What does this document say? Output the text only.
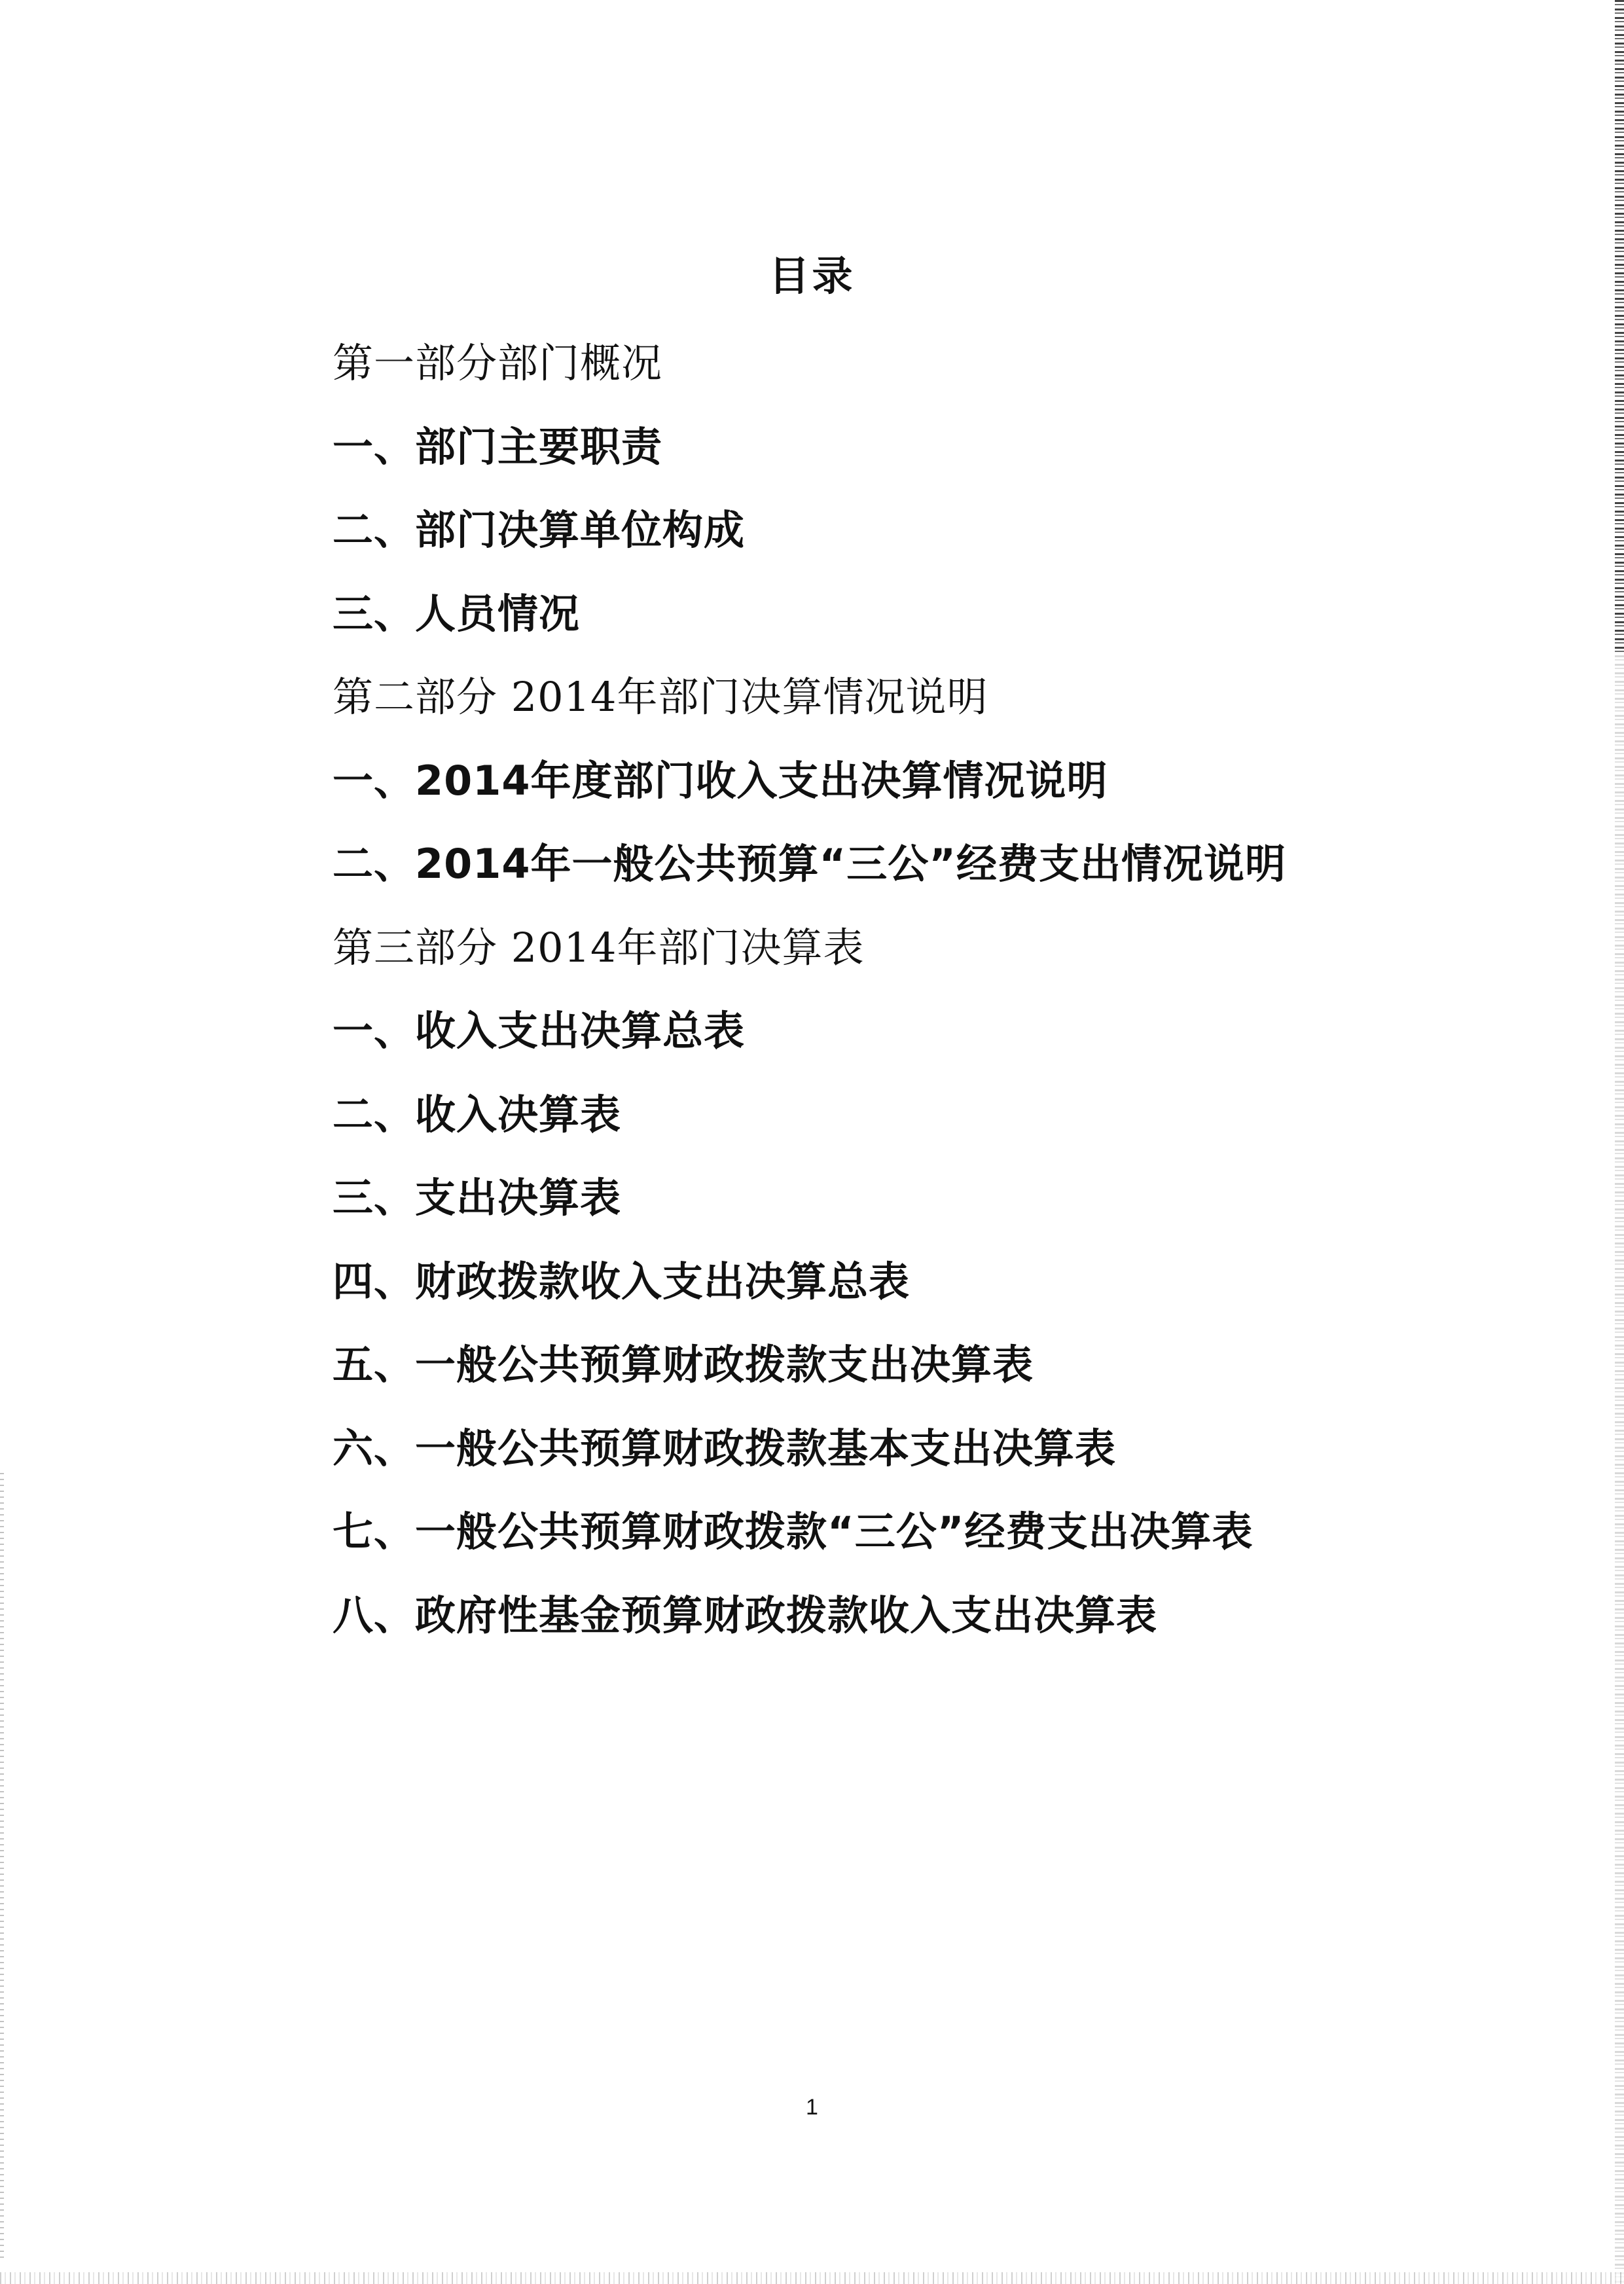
目录
第一部分部门概况
一、部门主要职责
二、部门决算单位构成
三、人员情况
第二部分 2014年部门决算情况说明
一、2014年度部门收入支出决算情况说明
二、2014年一般公共预算“三公”经费支出情况说明
第三部分 2014年部门决算表
一、收入支出决算总表
二、收入决算表
三、支出决算表
四、财政拨款收入支出决算总表
五、一般公共预算财政拨款支出决算表
六、一般公共预算财政拨款基本支出决算表
七、一般公共预算财政拨款“三公”经费支出决算表
八、政府性基金预算财政拨款收入支出决算表
1
